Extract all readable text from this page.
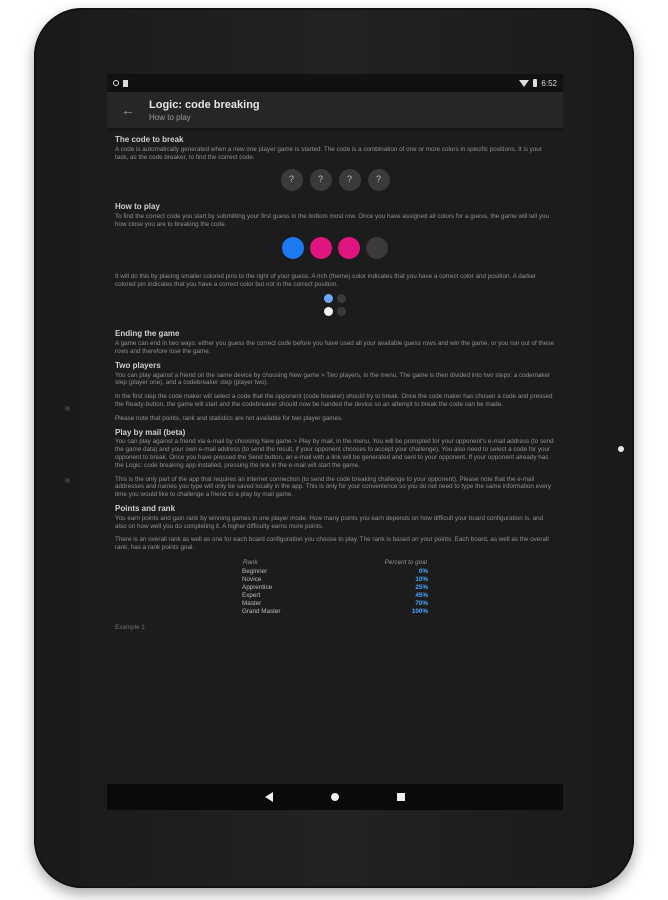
6:52
←	Logic: code breaking
How to play
The code to break

A code is automatically generated when a new one player game is started. The code is a combination of one or more colors in specific positions. It is your task, as the code breaker, to find the correct code.

?	?	?	?
How to play

To find the correct code you start by submitting your first guess in the bottom most row. Once you have assigned all colors for a guess, the game will tell you how close you are to breaking the code.

It will do this by placing smaller colored pins to the right of your guess. A rich (theme) color indicates that you have a correct color and position. A darker colored pin indicates that you have a correct color but not in the correct position.

Ending the game

A game can end in two ways: either you guess the correct code before you have used all your available guess rows and win the game, or you run out of these rows and therefore lose the game.

Two players

You can play against a friend on the same device by choosing New game > Two players, in the menu. The game is then divided into two steps: a codemaker step (player one), and a codebreaker step (player two).

In the first step the code maker will select a code that the opponent (code breaker) should try to break. Once the code maker has chosen a code and pressed the Ready-button, the game will start and the codebreaker should now be handed the device so an attempt to break the code can be made.

Please note that points, rank and statistics are not available for two player games.

Play by mail (beta)

You can play against a friend via e-mail by choosing New game > Play by mail, in the menu. You will be prompted for your opponent's e-mail address (to send the game data) and your own e-mail address (to send the result, if your opponent chooses to accept your challenge). You also need to select a code for your opponent to break. Once you have pressed the Send button, an e-mail with a link will be generated and sent to your opponent. If your opponent already has the Logic: code breaking app installed, pressing the link in the e-mail will start the game.

This is the only part of the app that requires an internet connection (to send the code breaking challenge to your opponent). Please note that the e-mail addresses and names you type will only be saved locally in the app. This is only for your convenience so you do not need to type the same information every time you would like to challenge a friend to a play by mail game.

Points and rank

You earn points and gain rank by winning games in one player mode. How many points you earn depends on how difficult your board configuration is, and also on how well you do completing it. A higher difficulty earns more points.

There is an overall rank as well as one for each board configuration you choose to play. The rank is based on your points. Each board, as well as the overall rank, has a rank points goal.

Rank	Percent to goal
Beginner	0%
Novice	10%
Apprentice	25%
Expert	45%
Master	70%
Grand Master	100%
Example 1:
